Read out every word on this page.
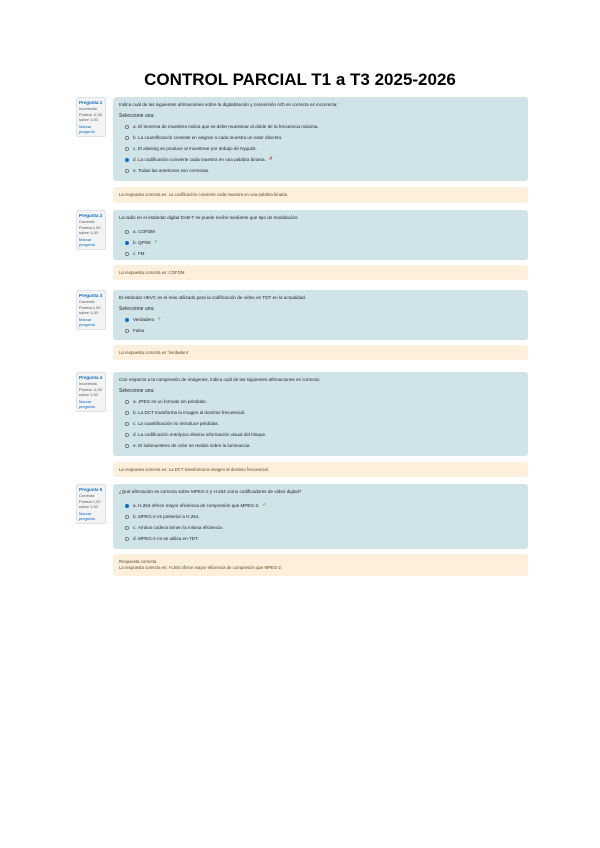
CONTROL PARCIAL T1 a T3 2025-2026
Pregunta 1
Incorrecta
Puntúa -0,33 sobre 1,00
Marcar pregunta
Indica cuál de las siguientes afirmaciones sobre la digitalización y conversión A/D es correcta es incorrecta:
Seleccione una:
a.
El teorema de muestreo indica que se debe muestrear al doble de la frecuencia máxima.
b.
La cuantificación consiste en asignar a cada muestra un valor discreto.
c.
El aliasing se produce al muestrear por debajo de Nyquist.
d.
La codificación convierte cada muestra en una palabra binaria. ✗
e.
Todas las anteriores son correctas.
La respuesta correcta es: La codificación convierte cada muestra en una palabra binaria.
Pregunta 2
Correcta
Puntúa 1,00 sobre 1,00
Marcar pregunta
La radio en el estándar digital DAB-T se puede recibir mediante que tipo de modulación:
a.
COFDM
b.
QPSK ✓
c.
FM
La respuesta correcta es: COFDM
Pregunta 3
Correcta
Puntúa 1,00 sobre 1,00
Marcar pregunta
El estándar HEVC es el más utilizado para la codificación de vídeo en TDT en la actualidad.
Seleccione una:
Verdadero ✓
Falso
La respuesta correcta es 'Verdadero'
Pregunta 4
Incorrecta
Puntúa -0,33 sobre 1,00
Marcar pregunta
Con respecto a la compresión de imágenes, indica cuál de las siguientes afirmaciones es correcta:
Seleccione una:
a.
JPEG es un formato sin pérdidas.
b.
La DCT transforma la imagen al dominio frecuencial.
c.
La cuantificación no introduce pérdidas.
d.
La codificación entrópica elimina información visual del bloque.
e.
El submuestreo de color se realiza sobre la luminancia.
La respuesta correcta es: La DCT transforma la imagen al dominio frecuencial.
Pregunta 5
Correcta
Puntúa 1,00 sobre 1,00
Marcar pregunta
¿Qué afirmación es correcta sobre MPEG-2 y H.264 como codificadores de vídeo digital?
a.
H.264 ofrece mayor eficiencia de compresión que MPEG-2. ✓
b.
MPEG-2 es posterior a H.264.
c.
Ambos codecs tienen la misma eficiencia.
d.
MPEG-2 no se utiliza en TDT.
Respuesta correcta
La respuesta correcta es: H.264 ofrece mayor eficiencia de compresión que MPEG-2.
